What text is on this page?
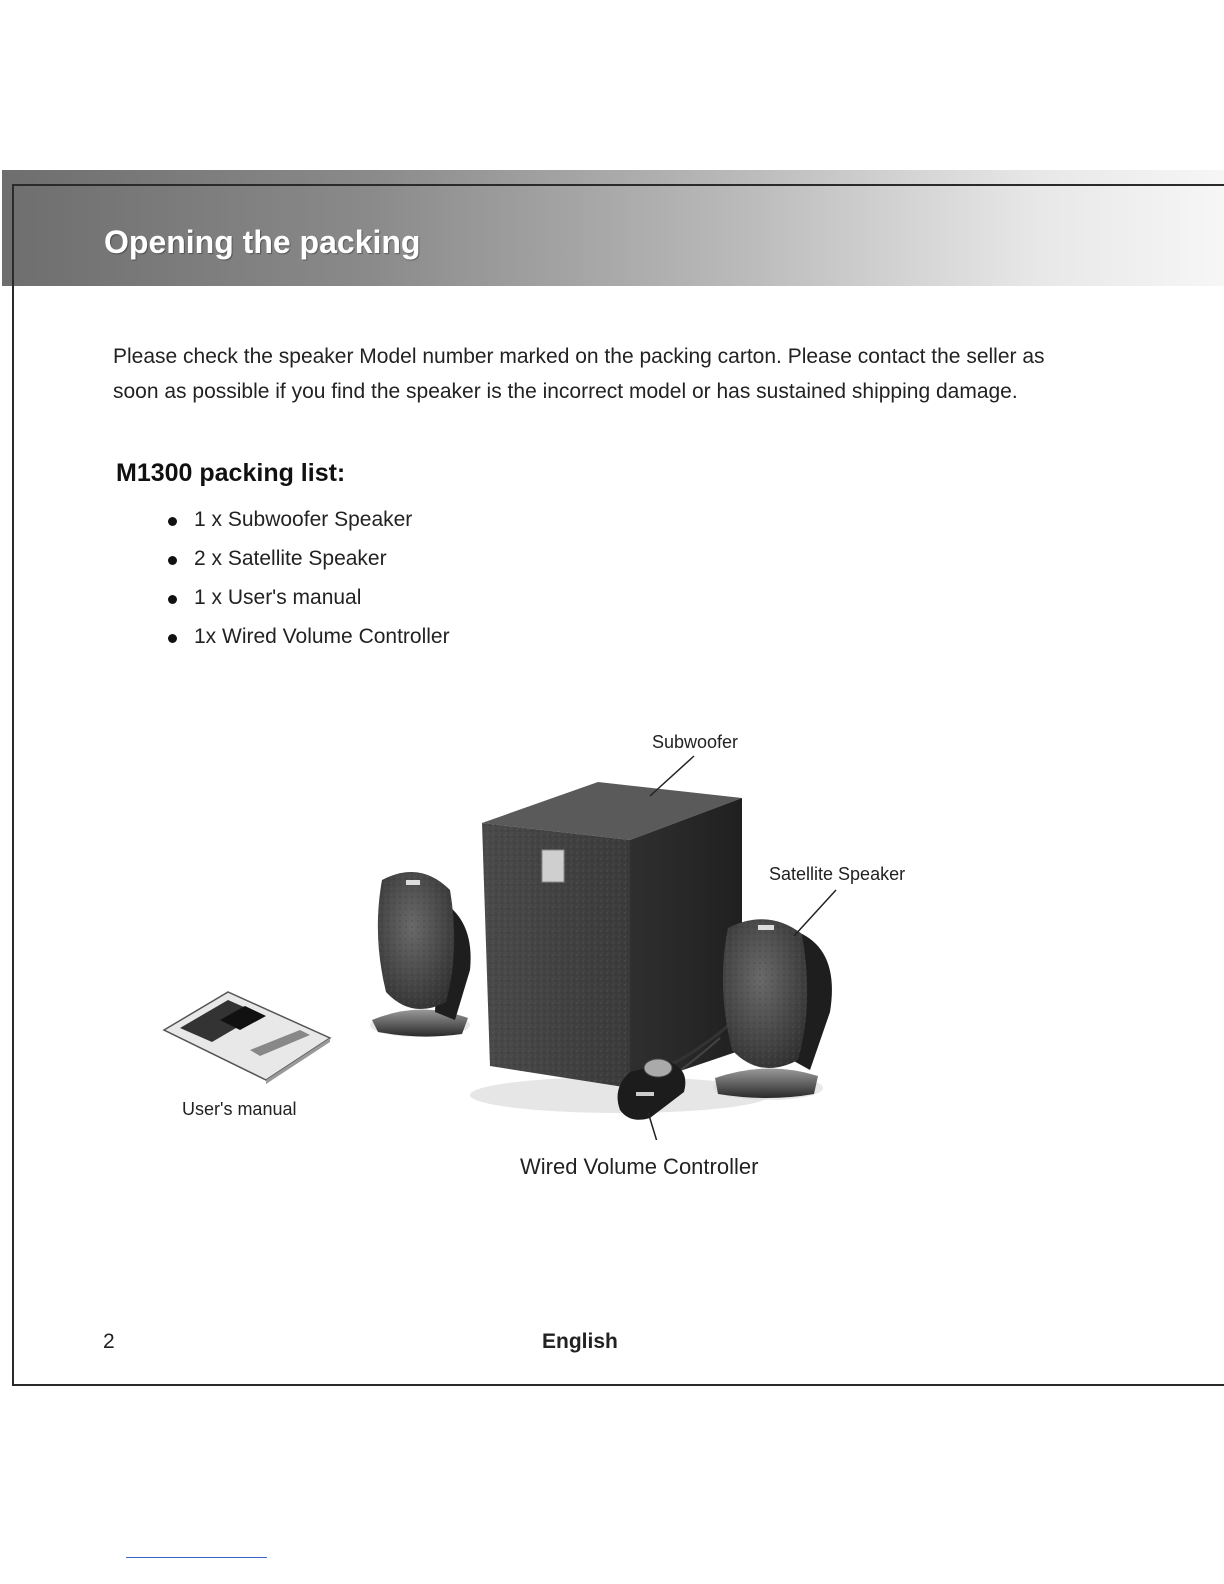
Opening the packing

Please check the speaker Model number marked on the packing carton. Please contact the seller as soon as possible if you find the speaker is the incorrect model or has sustained shipping damage.

M1300 packing list:
1 x Subwoofer Speaker
2 x Satellite Speaker
1 x User's manual
1x Wired Volume Controller

Subwoofer

Satellite Speaker

User's manual

Wired Volume Controller

2	English
